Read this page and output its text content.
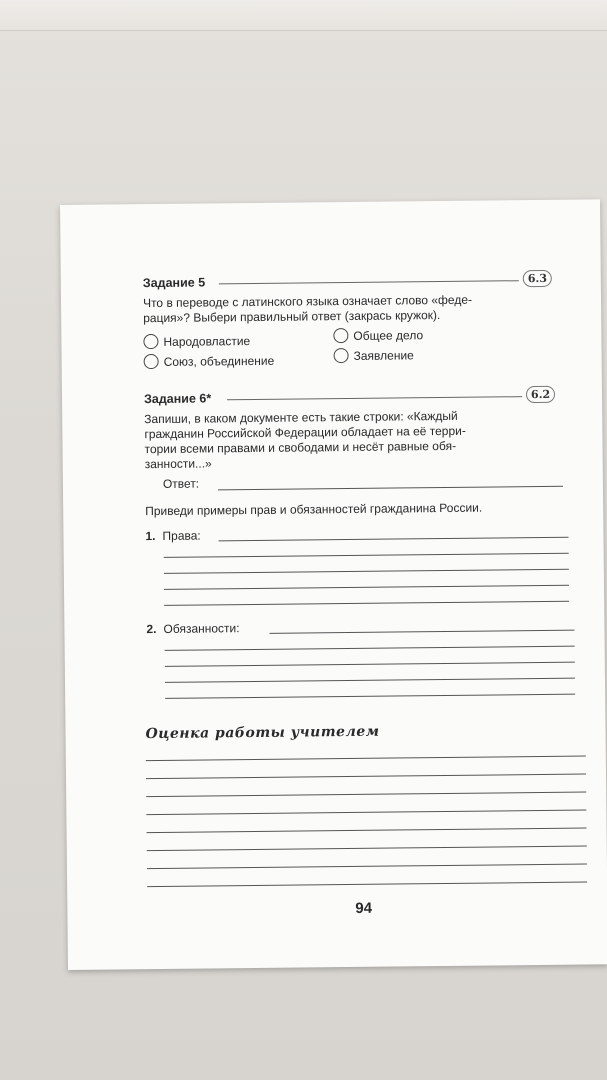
Задание 5	6.3
Что в переводе с латинского языка означает слово «феде-
рация»? Выбери правильный ответ (закрась кружок).
Народовластие	Общее дело
Союз, объединение	Заявление
Задание 6*	6.2
Запиши, в каком документе есть такие строки: «Каждый
гражданин Российской Федерации обладает на её терри-
тории всеми правами и свободами и несёт равные обя-
занности...»
Ответ:
Приведи примеры прав и обязанностей гражданина России.
1. Права:
2. Обязанности:
Оценка работы учителем
94
